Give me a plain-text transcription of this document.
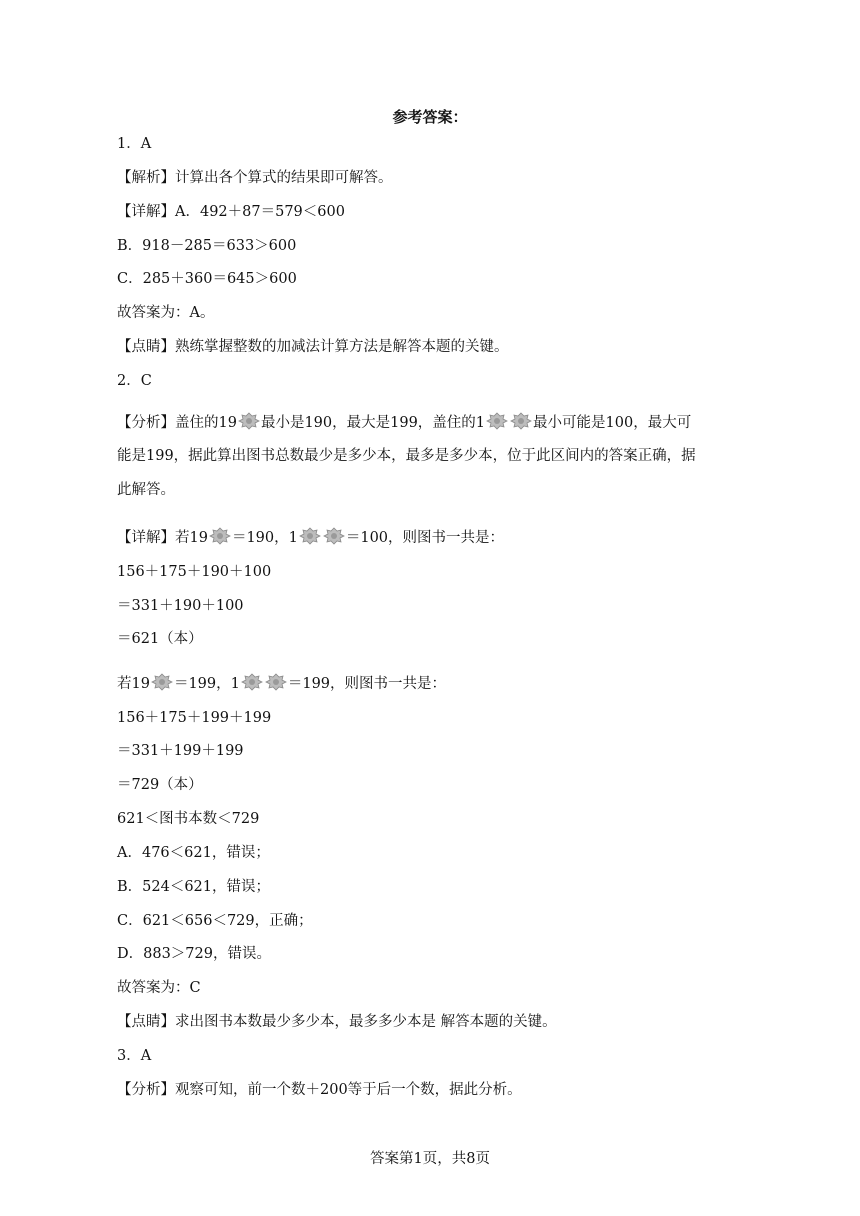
参考答案：
1．A
【解析】计算出各个算式的结果即可解答。
【详解】A．492＋87＝579＜600
B．918－285＝633＞600
C．285＋360＝645＞600
故答案为：A。
【点睛】熟练掌握整数的加减法计算方法是解答本题的关键。
2．C
【分析】盖住的19 最小是190，最大是199，盖住的1	最小可能是100，最大可
能是199，据此算出图书总数最少是多少本，最多是多少本，位于此区间内的答案正确，据
此解答。
【详解】若19 ＝190，1	＝100，则图书一共是：
156＋175＋190＋100
＝331＋190＋100
＝621（本）
若19 ＝199，1	＝199，则图书一共是：
156＋175＋199＋199
＝331＋199＋199
＝729（本）
621＜图书本数＜729
A．476＜621，错误；
B．524＜621，错误；
C．621＜656＜729，正确；
D．883＞729，错误。
故答案为：C
【点睛】求出图书本数最少多少本，最多多少本是 解答本题的关键。
3．A
【分析】观察可知，前一个数＋200等于后一个数，据此分析。
答案第1页，共8页
